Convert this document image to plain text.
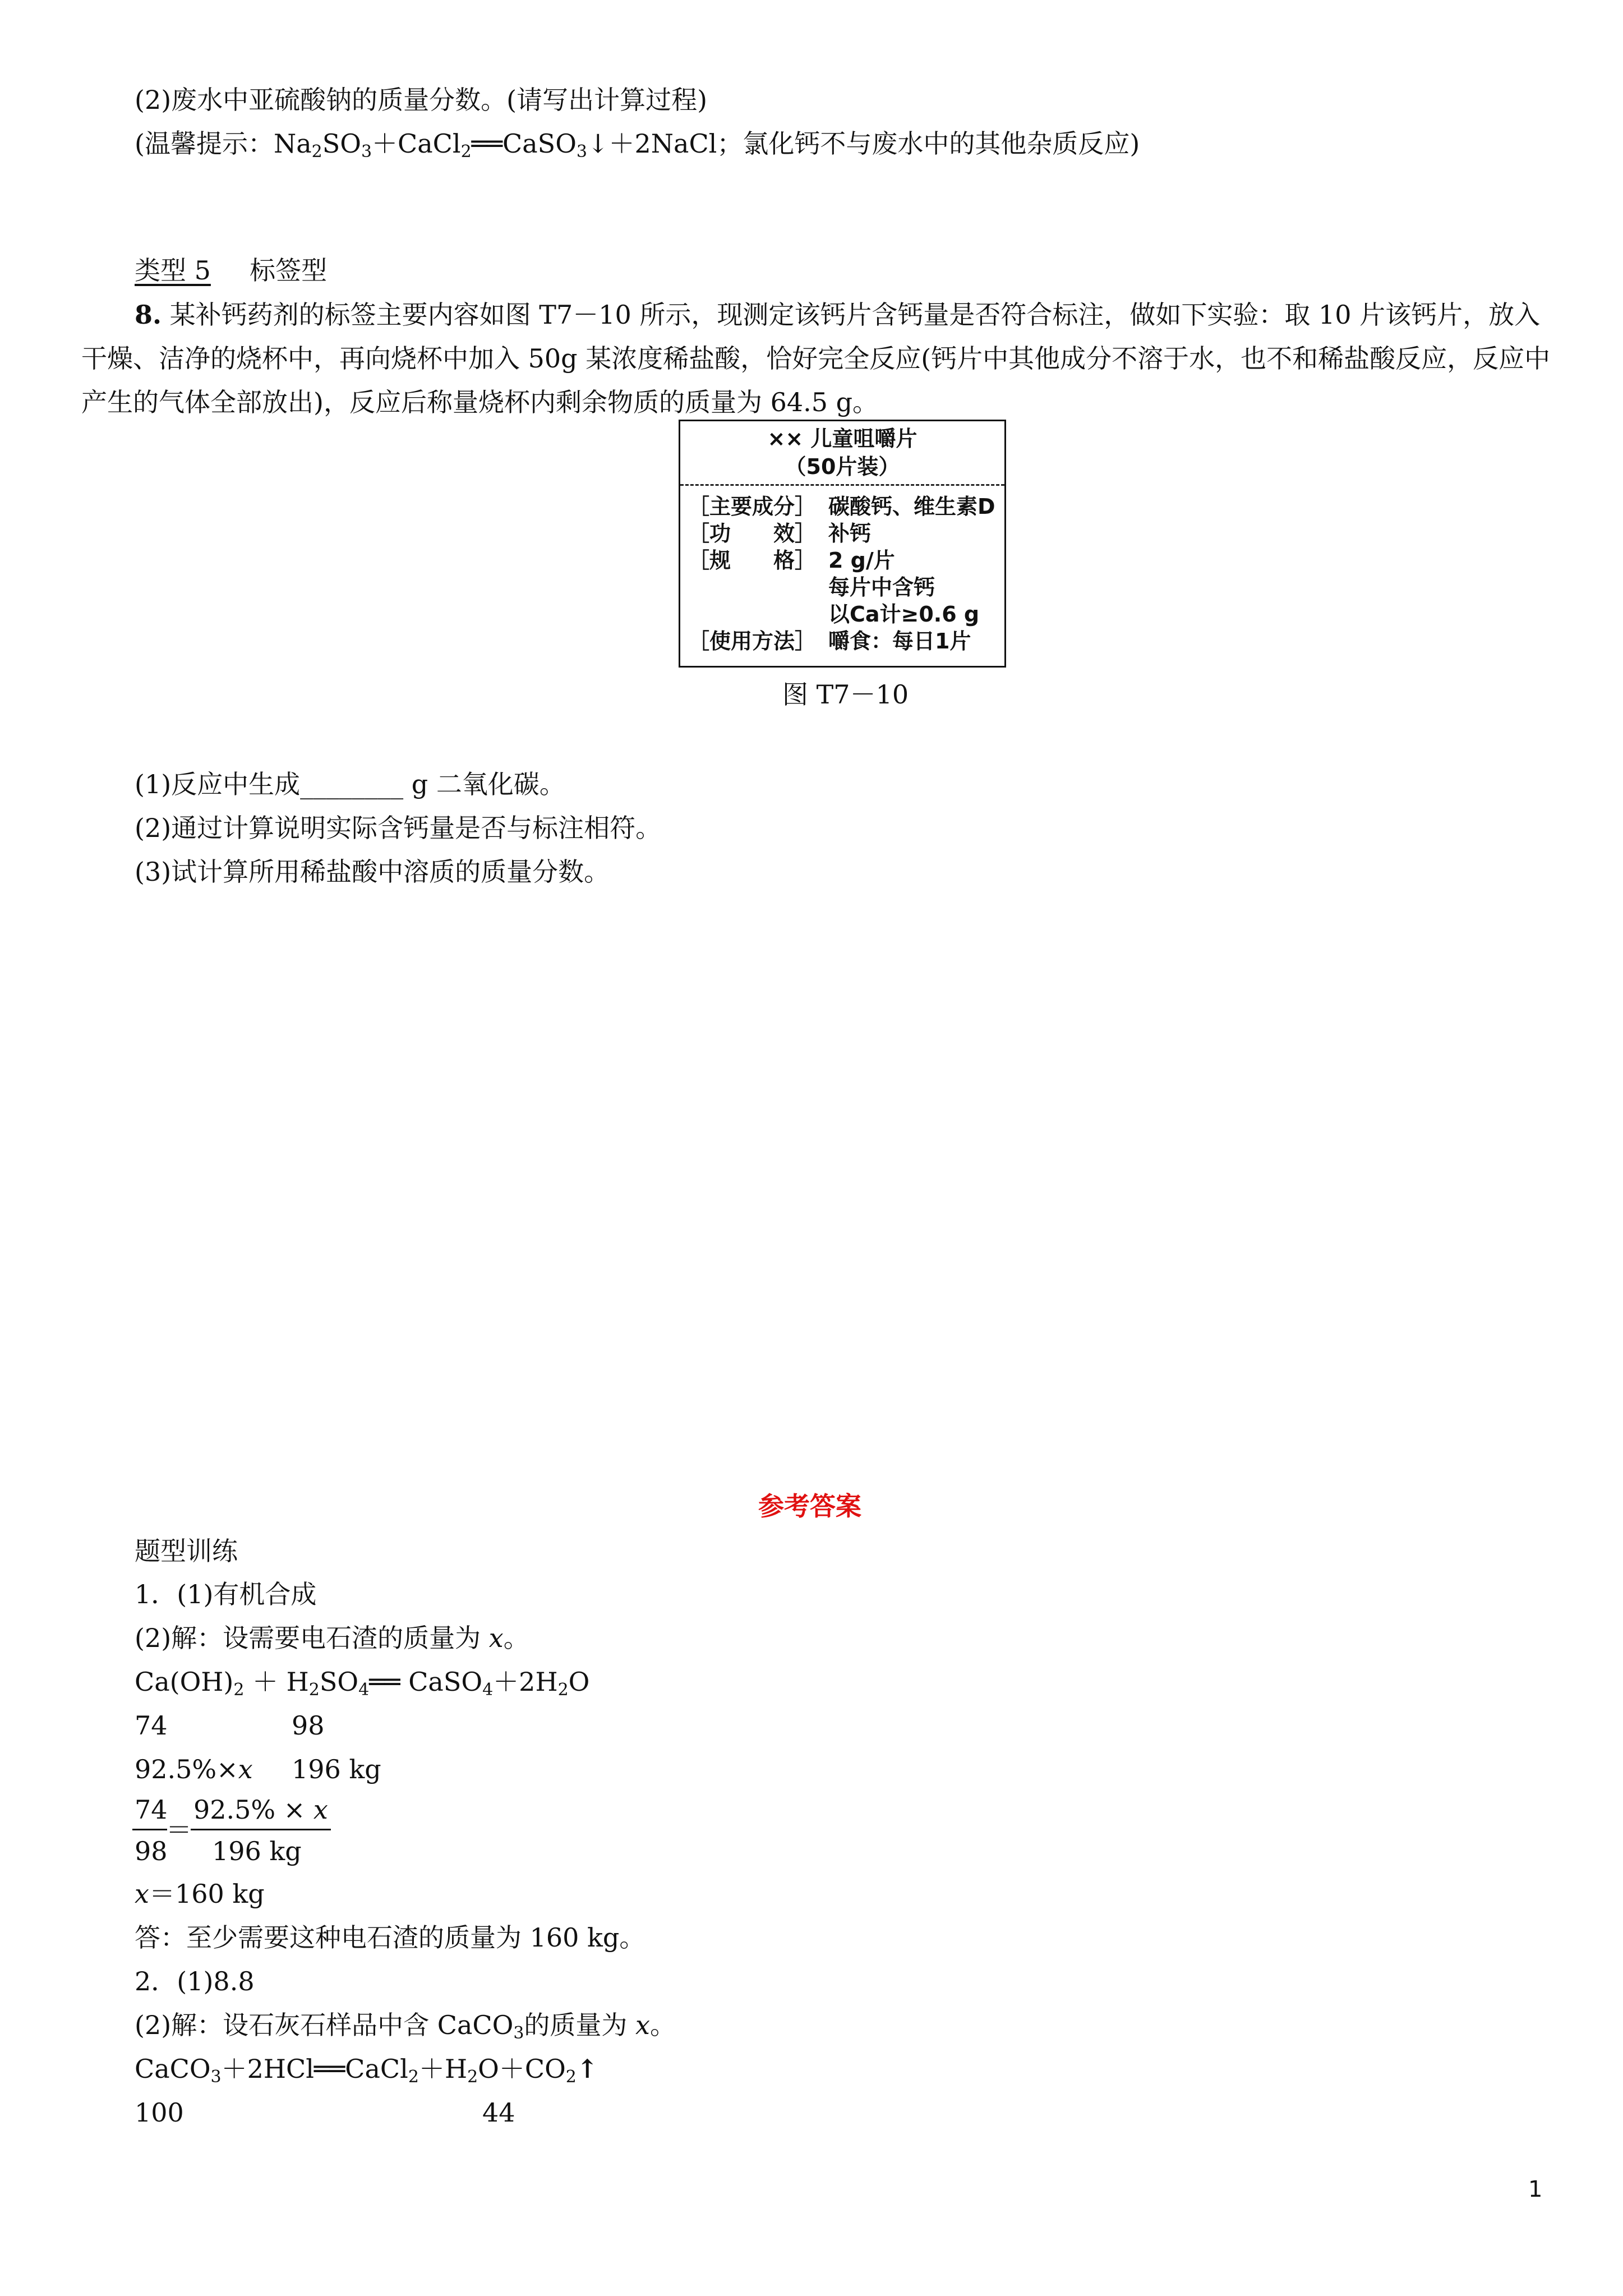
(2)废水中亚硫酸钠的质量分数。(请写出计算过程)
(温馨提示：$Na_2SO_3+CaCl_2══CaSO_3↓+2NaCl$；氯化钙不与废水中的其他杂质反应)
类型 5 标签型
8. 某补钙药剂的标签主要内容如图 T7－10 所示，现测定该钙片含钙量是否符合标注，做如下实验：取 10 片该钙片，放入干燥、洁净的烧杯中，再向烧杯中加入 50g 某浓度稀盐酸，恰好完全反应(钙片中其他成分不溶于水，也不和稀盐酸反应，反应中产生的气体全部放出)，反应后称量烧杯内剩余物质的质量为 64.5 g。
×× 儿童咀嚼片
（50片装）
［主要成分］ 碳酸钙、维生素D
［功　　效］ 补钙
［规　　格］ 2 g/片
每片中含钙
以Ca计≥0.6 g
［使用方法］ 嚼食：每日1片
图 T7－10
(1)反应中生成________ g 二氧化碳。
(2)通过计算说明实际含钙量是否与标注相符。
(3)试计算所用稀盐酸中溶质的质量分数。
参考答案
题型训练
1．(1)有机合成
(2)解：设需要电石渣的质量为 x。
$Ca(OH)_2$ ＋ $H_2SO_4══$ $CaSO_4+2H_2O$
74	98
92.5%×x 196 kg
74
98
＝
92.5% × x
196 kg
x＝160 kg
答：至少需要这种电石渣的质量为 160 kg。
2．(1)8.8
(2)解：设石灰石样品中含 CaCO$_3$的质量为 x。
$CaCO_3+2HCl══CaCl_2+H_2O+CO_2↑$
100	44
1
